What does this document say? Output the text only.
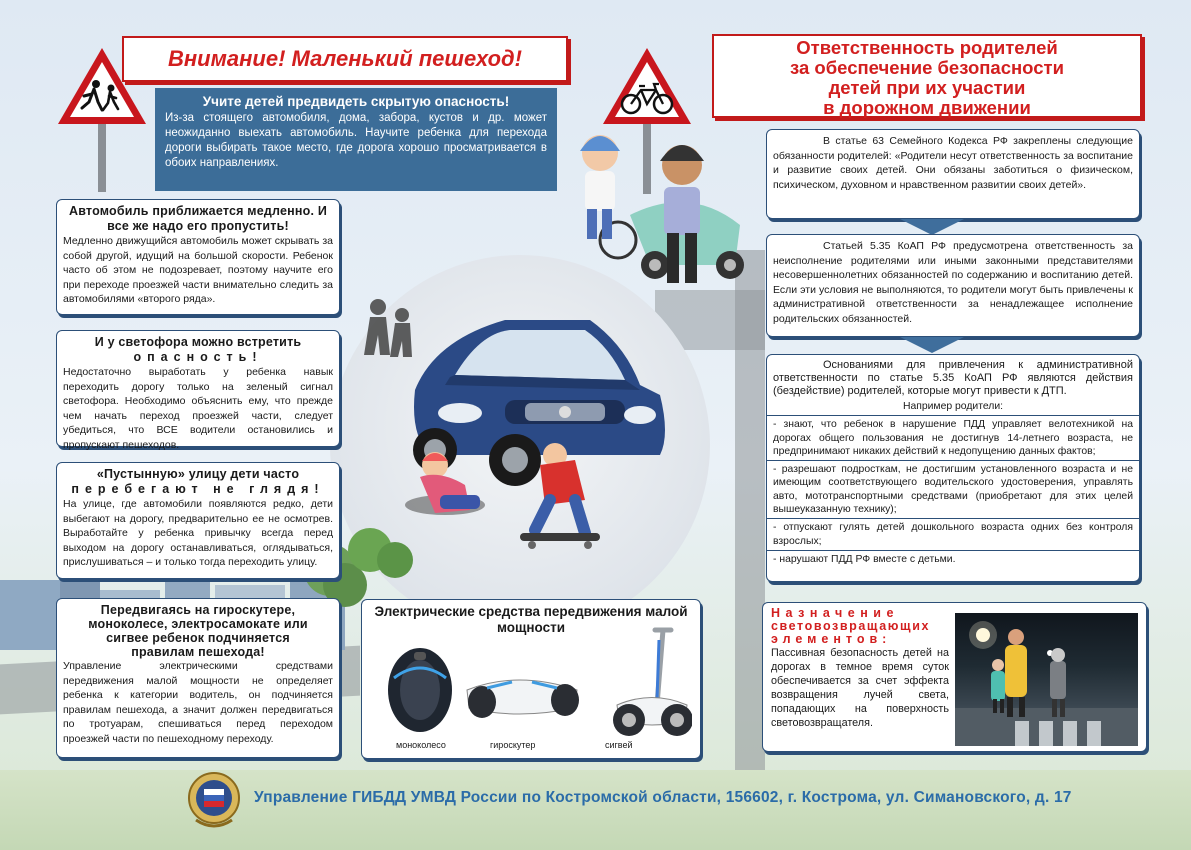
Внимание! Маленький пешеход!
Учите детей предвидеть скрытую опасность!
Из-за стоящего автомобиля, дома, забора, кустов и др. может неожиданно выехать автомобиль. Научите ребенка для перехода дороги выбирать такое место, где дорога хорошо просматривается в обоих направлениях.
Ответственность родителей
за обеспечение безопасности
детей при их участии
в дорожном движении
Автомобиль приближается медленно. И все же надо его пропустить!
Медленно движущийся автомобиль может скрывать за собой другой, идущий на большой скорости. Ребенок часто об этом не подозревает, поэтому научите его при переходе проезжей части внимательно следить за автомобилями «второго ряда».
И у светофора можно встретить
опасность!
Недостаточно выработать у ребенка навык переходить дорогу только на зеленый сигнал светофора. Необходимо объяснить ему, что прежде чем начать переход проезжей части, следует убедиться, что ВСЕ водители остановились и пропускают пешеходов.
«Пустынную» улицу дети часто
перебегают не глядя!
На улице, где автомобили появляются редко, дети выбегают на дорогу, предварительно ее не осмотрев. Выработайте у ребенка привычку всегда перед выходом на дорогу останавливаться, оглядываться, прислушиваться – и только тогда переходить улицу.
Передвигаясь на гироскутере, моноколесе, электросамокате или сигвее ребенок подчиняется правилам пешехода!
Управление электрическими средствами передвижения малой мощности не определяет ребенка к категории водитель, он подчиняется правилам пешехода, а значит должен передвигаться по тротуарам, спешиваться перед переходом проезжей части по пешеходному переходу.
Электрические средства передвижения малой мощности
моноколесо	гироскутер	сигвей
В статье 63 Семейного Кодекса РФ закреплены следующие обязанности родителей: «Родители несут ответственность за воспитание и развитие своих детей. Они обязаны заботиться о физическом, психическом, духовном и нравственном развитии своих детей».
Статьей 5.35 КоАП РФ предусмотрена ответственность за неисполнение родителями или иными законными представителями несовершеннолетних обязанностей по содержанию и воспитанию детей. Если эти условия не выполняются, то родители могут быть привлечены к административной ответственности за ненадлежащее исполнение родительских обязанностей.
Основаниями для привлечения к административной ответственности по статье 5.35 КоАП РФ являются действия (бездействие) родителей, которые могут привести к ДТП.
Например родители:
- знают, что ребенок в нарушение ПДД управляет велотехникой на дорогах общего пользования не достигнув 14-летнего возраста, не предпринимают никаких действий к недопущению данных фактов;
- разрешают подросткам, не достигшим установленного возраста и не имеющим соответствующего водительского удостоверения, управлять авто, мототранспортными средствами (приобретают для этих целей вышеуказанную технику);
- отпускают гулять детей дошкольного возраста одних без контроля взрослых;
- нарушают ПДД РФ вместе с детьми.
Назначение
световозвращающих
элементов:
Пассивная безопасность детей на дорогах в темное время суток обеспечивается за счет эффекта возвращения лучей света, попадающих на поверхность световозвращателя.
Управление ГИБДД УМВД России по Костромской области, 156602, г. Кострома, ул. Симановского, д. 17
